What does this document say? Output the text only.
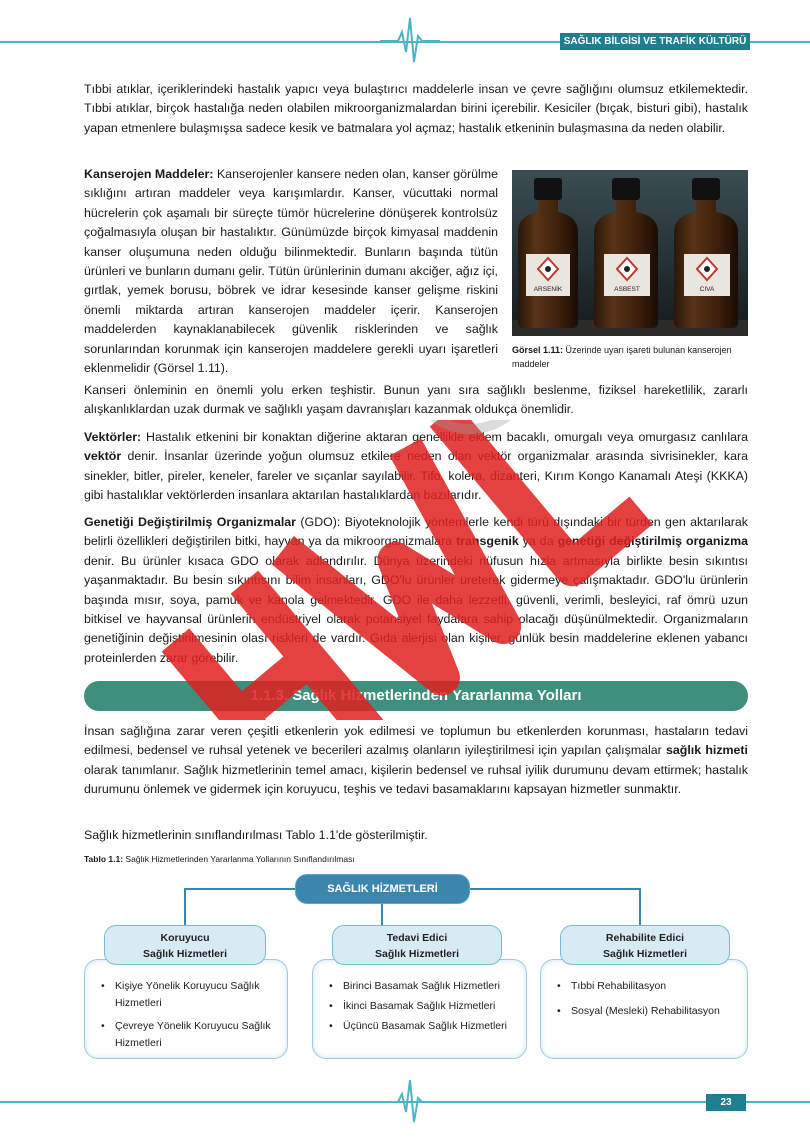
SAĞLIK BİLGİSİ VE TRAFİK KÜLTÜRÜ

Tıbbi atıklar, içeriklerindeki hastalık yapıcı veya bulaştırıcı maddelerle insan ve çevre sağlığını olumsuz etkilemektedir. Tıbbi atıklar, birçok hastalığa neden olabilen mikroorganizmalardan birini içerebilir. Kesiciler (bıçak, bisturi gibi), hastalık yapan etmenlere bulaşmışsa sadece kesik ve batmalara yol açmaz; hastalık etkeninin bulaşmasına da neden olabilir.

Kanserojen Maddeler: Kanserojenler kansere neden olan, kanser görülme sıklığını artıran maddeler veya karışımlardır. Kanser, vücuttaki normal hücrelerin çok aşamalı bir süreçte tümör hücrelerine dönüşerek kontrolsüz çoğalmasıyla oluşan bir hastalıktır. Günümüzde birçok kimyasal maddenin kanser oluşumuna neden olduğu bilinmektedir. Bunların başında tütün ürünleri ve bunların dumanı gelir. Tütün ürünlerinin dumanı akciğer, ağız içi, gırtlak, yemek borusu, böbrek ve idrar kesesinde kanser gelişme riskini önemli miktarda artıran kanserojen maddeler içerir. Kanserojen maddelerden kaynaklanabilecek güvenlik risklerinden ve sağlık sorunlarından korunmak için kanserojen maddelere gerekli uyarı işaretleri eklenmelidir (Görsel 1.11).

ARSENİK	ASBEST	CIVA

Görsel 1.11: Üzerinde uyarı işareti bulunan kanserojen maddeler

Kanseri önleminin en önemli yolu erken teşhistir. Bunun yanı sıra sağlıklı beslenme, fiziksel hareketlilik, zararlı alışkanlıklardan uzak durmak ve sağlıklı yaşam davranışları kazanmak oldukça önemlidir.

Vektörler: Hastalık etkenini bir konaktan diğerine aktaran genellikle eklem bacaklı, omurgalı veya omurgasız canlılara vektör denir. İnsanlar üzerinde yoğun olumsuz etkilere neden olan vektör organizmalar arasında sivrisinekler, kara sinekler, bitler, pireler, keneler, fareler ve sıçanlar sayılabilir. Tifo, kolera, dizanteri, Kırım Kongo Kanamalı Ateşi (KKKA) gibi hastalıklar vektörlerden insanlara aktarılan hastalıklardan bazılarıdır.

Genetiği Değiştirilmiş Organizmalar (GDO): Biyoteknolojik yöntemlerle kendi türü dışındaki bir türden gen aktarılarak belirli özellikleri değiştirilen bitki, hayvan ya da mikroorganizmalara transgenik ya da genetiği değiştirilmiş organizma denir. Bu ürünler kısaca GDO olarak adlandırılır. Dünya üzerindeki nüfusun hızla artmasıyla birlikte besin sıkıntısı yaşanmaktadır. Bu besin sıkıntısını bilim insanları, GDO'lu ürünler üreterek gidermeye çalışmaktadır. GDO'lu ürünlerin başında mısır, soya, pamuk ve kanola gelmektedir. GDO ile daha lezzetli, güvenli, verimli, besleyici, raf ömrü uzun bitkisel ve hayvansal ürünlerin endüstriyel olarak potansiyel faydalara sahip olacağı düşünülmektedir. Organizmaların genetiğinin değiştirilmesinin olası riskleri de vardır. Gıda alerjisi olan kişiler, günlük besin maddelerine eklenen yabancı proteinlerden zarar görebilir.

1.1.3. Sağlık Hizmetlerinden Yararlanma Yolları

İnsan sağlığına zarar veren çeşitli etkenlerin yok edilmesi ve toplumun bu etkenlerden korunması, hastaların tedavi edilmesi, bedensel ve ruhsal yetenek ve becerileri azalmış olanların iyileştirilmesi için yapılan çalışmalar sağlık hizmeti olarak tanımlanır. Sağlık hizmetlerinin temel amacı, kişilerin bedensel ve ruhsal iyilik durumunu devam ettirmek; hastalık durumunu önlemek ve gidermek için koruyucu, teşhis ve tedavi basamaklarını kapsayan hizmetler sunmaktır.

Sağlık hizmetlerinin sınıflandırılması Tablo 1.1'de gösterilmiştir.

Tablo 1.1: Sağlık Hizmetlerinden Yararlanma Yollarının Sınıflandırılması
• Kişiye Yönelik Koruyucu Sağlık Hizmetleri
• Çevreye Yönelik Koruyucu Sağlık Hizmetleri
• Birinci Basamak Sağlık Hizmetleri
• İkinci Basamak Sağlık Hizmetleri
• Üçüncü Basamak Sağlık Hizmetleri
• Tıbbi Rehabilitasyon
• Sosyal (Mesleki) Rehabilitasyon
SAĞLIK HİZMETLERİ
Koruyucu
Sağlık Hizmetleri
Tedavi Edici
Sağlık Hizmetleri
Rehabilite Edici
Sağlık Hizmetleri
23
